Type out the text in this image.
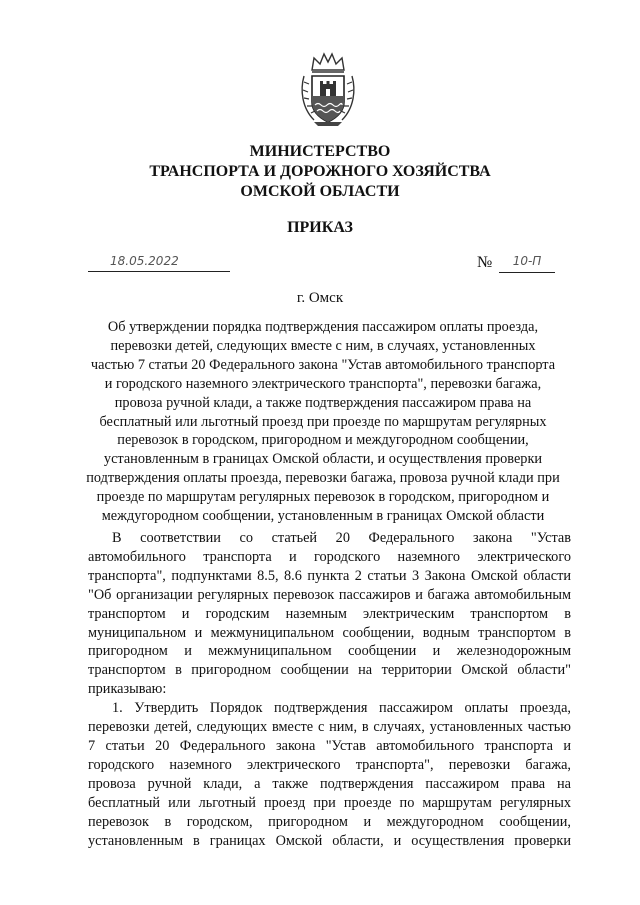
МИНИСТЕРСТВО
ТРАНСПОРТА И ДОРОЖНОГО ХОЗЯЙСТВА
ОМСКОЙ ОБЛАСТИ
ПРИКАЗ
18.05.2022	№	10-П
г. Омск
Об утверждении порядка подтверждения пассажиром оплаты проезда,
перевозки детей, следующих вместе с ним, в случаях, установленных
частью 7 статьи 20 Федерального закона "Устав автомобильного транспорта
и городского наземного электрического транспорта", перевозки багажа,
провоза ручной клади, а также подтверждения пассажиром права на
бесплатный или льготный проезд при проезде по маршрутам регулярных
перевозок в городском, пригородном и междугородном сообщении,
установленным в границах Омской области, и осуществления проверки
подтверждения оплаты проезда, перевозки багажа, провоза ручной клади при
проезде по маршрутам регулярных перевозок в городском, пригородном и
междугородном сообщении, установленным в границах Омской области
В соответствии со статьей 20 Федерального закона "Устав
автомобильного транспорта и городского наземного электрического
транспорта", подпунктами 8.5, 8.6 пункта 2 статьи 3 Закона Омской области
"Об организации регулярных перевозок пассажиров и багажа автомобильным
транспортом и городским наземным электрическим транспортом в
муниципальном и межмуниципальном сообщении, водным транспортом в
пригородном и межмуниципальном сообщении и железнодорожным
транспортом в пригородном сообщении на территории Омской области"
приказываю:
1. Утвердить Порядок подтверждения пассажиром оплаты проезда,
перевозки детей, следующих вместе с ним, в случаях, установленных частью
7 статьи 20 Федерального закона "Устав автомобильного транспорта и
городского наземного электрического транспорта", перевозки багажа,
провоза ручной клади, а также подтверждения пассажиром права на
бесплатный или льготный проезд при проезде по маршрутам регулярных
перевозок в городском, пригородном и междугородном сообщении,
установленным в границах Омской области, и осуществления проверки
